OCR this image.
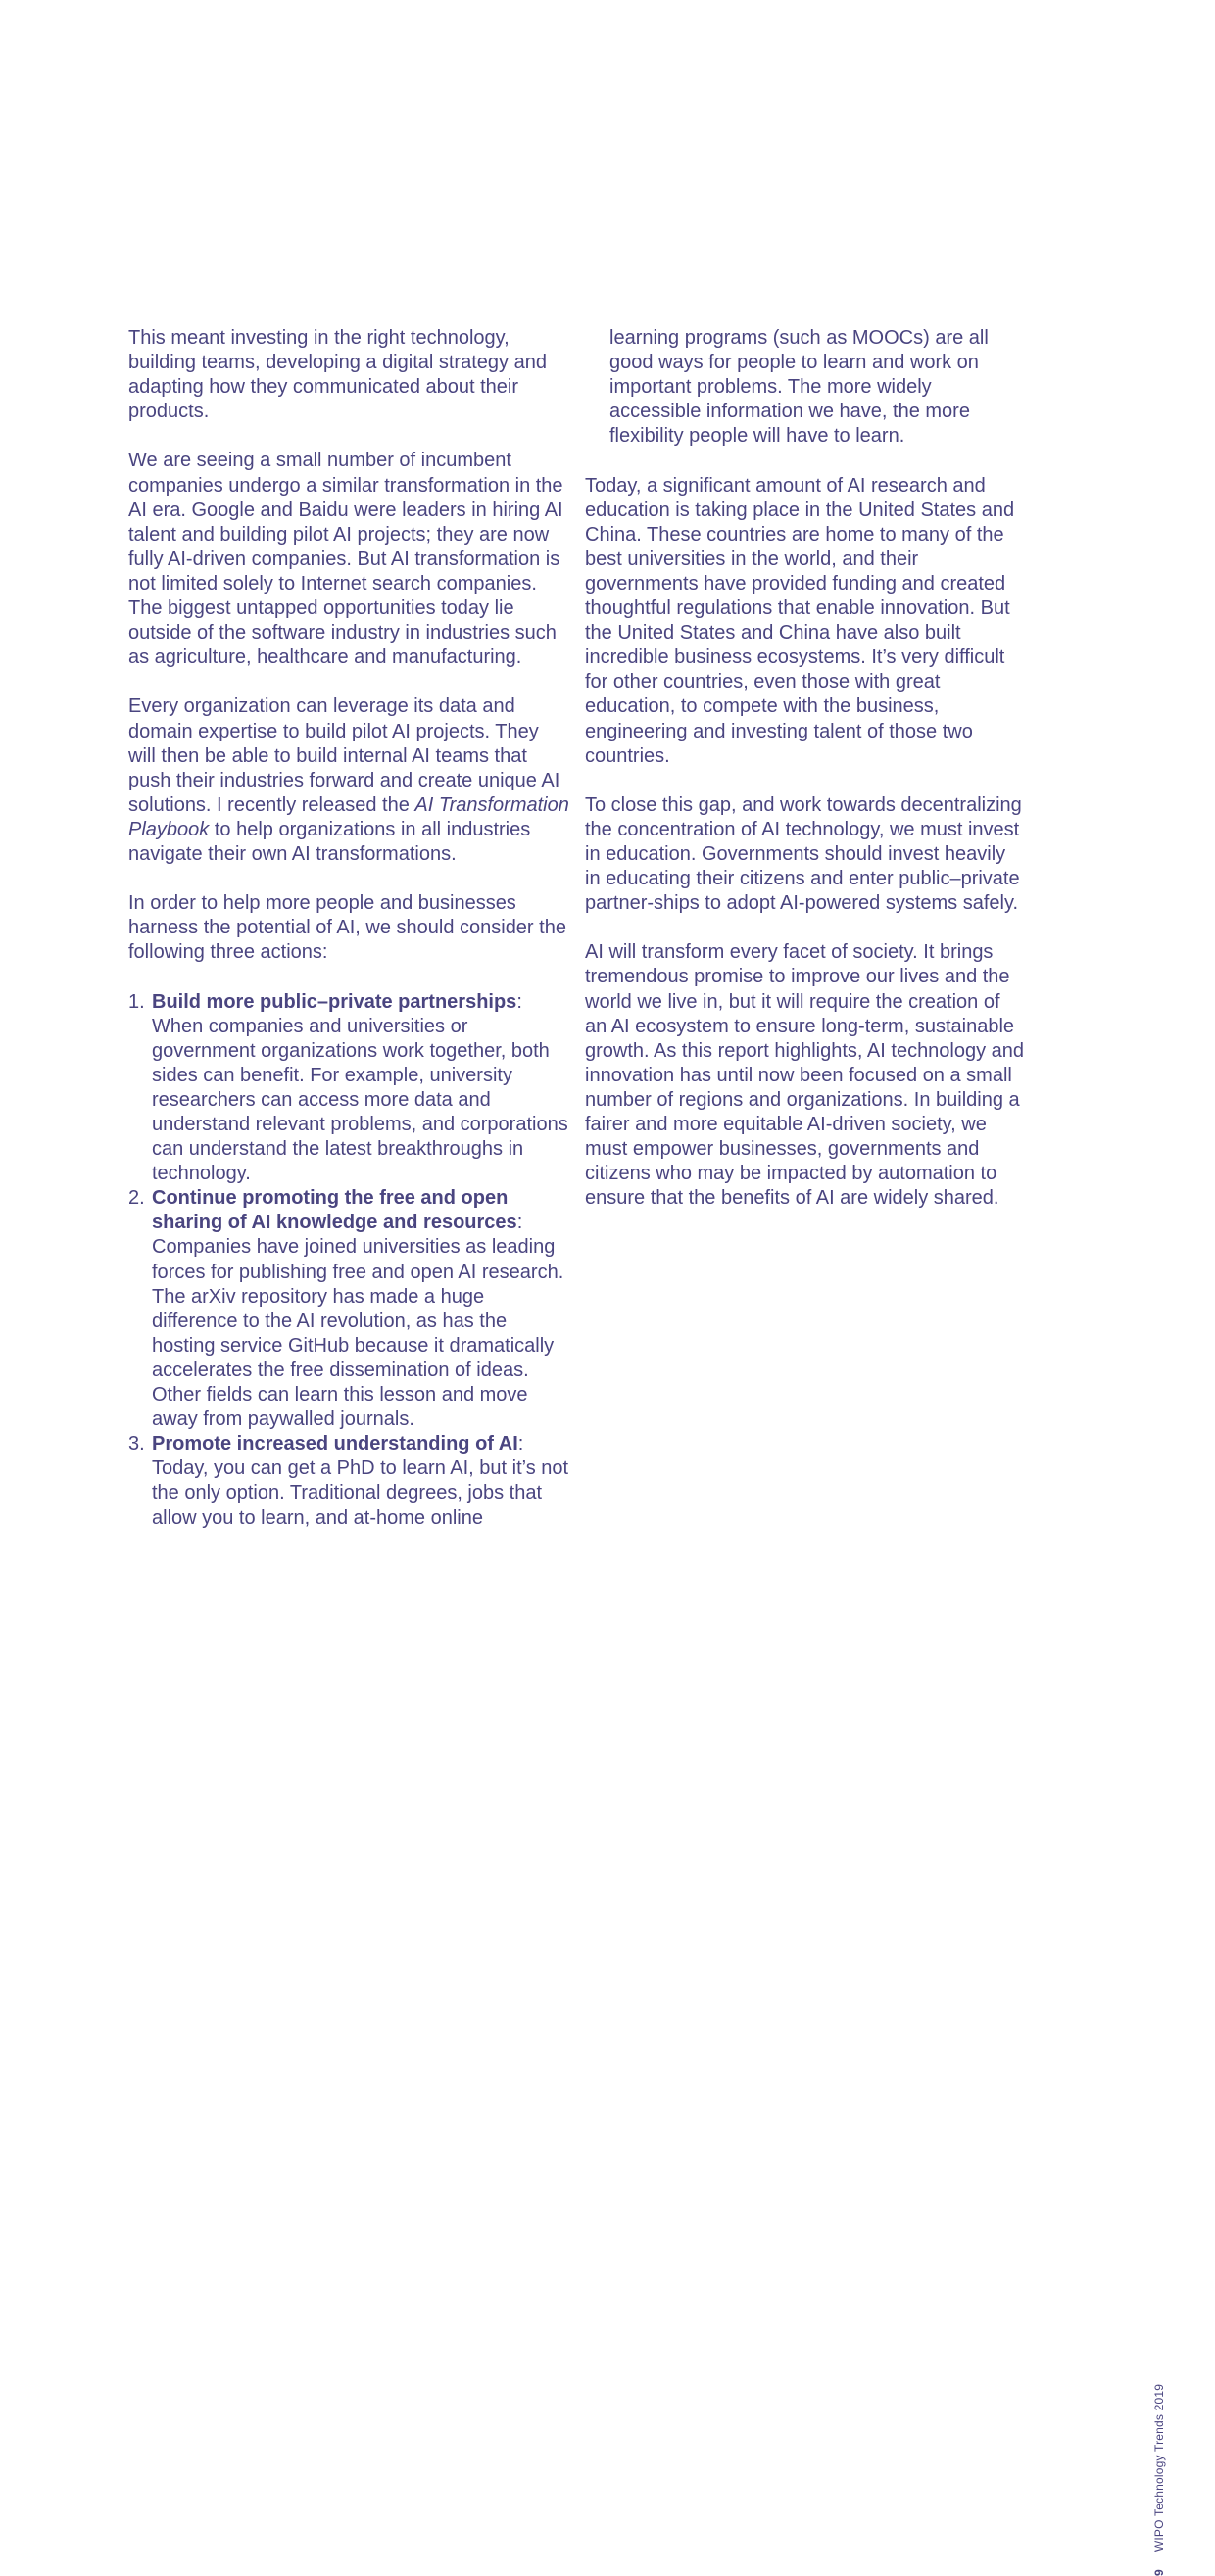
This meant investing in the right technology, building teams, developing a digital strategy and adapting how they communicated about their products.

We are seeing a small number of incumbent companies undergo a similar transformation in the AI era. Google and Baidu were leaders in hiring AI talent and building pilot AI projects; they are now fully AI-driven companies. But AI transformation is not limited solely to Internet search companies. The biggest untapped opportunities today lie outside of the software industry in industries such as agriculture, healthcare and manufacturing.

Every organization can leverage its data and domain expertise to build pilot AI projects. They will then be able to build internal AI teams that push their industries forward and create unique AI solutions. I recently released the AI Transformation Playbook to help organizations in all industries navigate their own AI transformations.

In order to help more people and businesses harness the potential of AI, we should consider the following three actions:

1. Build more public–private partnerships: When companies and universities or government organizations work together, both sides can benefit. For example, university researchers can access more data and understand relevant problems, and corporations can understand the latest breakthroughs in technology.
2. Continue promoting the free and open sharing of AI knowledge and resources: Companies have joined universities as leading forces for publishing free and open AI research. The arXiv repository has made a huge difference to the AI revolution, as has the hosting service GitHub because it dramatically accelerates the free dissemination of ideas. Other fields can learn this lesson and move away from paywalled journals.
3. Promote increased understanding of AI: Today, you can get a PhD to learn AI, but it’s not the only option. Traditional degrees, jobs that allow you to learn, and at-home online

learning programs (such as MOOCs) are all good ways for people to learn and work on important problems. The more widely accessible information we have, the more flexibility people will have to learn.

Today, a significant amount of AI research and education is taking place in the United States and China. These countries are home to many of the best universities in the world, and their governments have provided funding and created thoughtful regulations that enable innovation. But the United States and China have also built incredible business ecosystems. It’s very difficult for other countries, even those with great education, to compete with the business, engineering and investing talent of those two countries.

To close this gap, and work towards decentralizing the concentration of AI technology, we must invest in education. Governments should invest heavily in educating their citizens and enter public–private partner-ships to adopt AI-powered systems safely.

AI will transform every facet of society. It brings tremendous promise to improve our lives and the world we live in, but it will require the creation of an AI ecosystem to ensure long-term, sustainable growth. As this report highlights, AI technology and innovation has until now been focused on a small number of regions and organizations. In building a fairer and more equitable AI-driven society, we must empower businesses, governments and citizens who may be impacted by automation to ensure that the benefits of AI are widely shared.

9WIPO Technology Trends 2019
